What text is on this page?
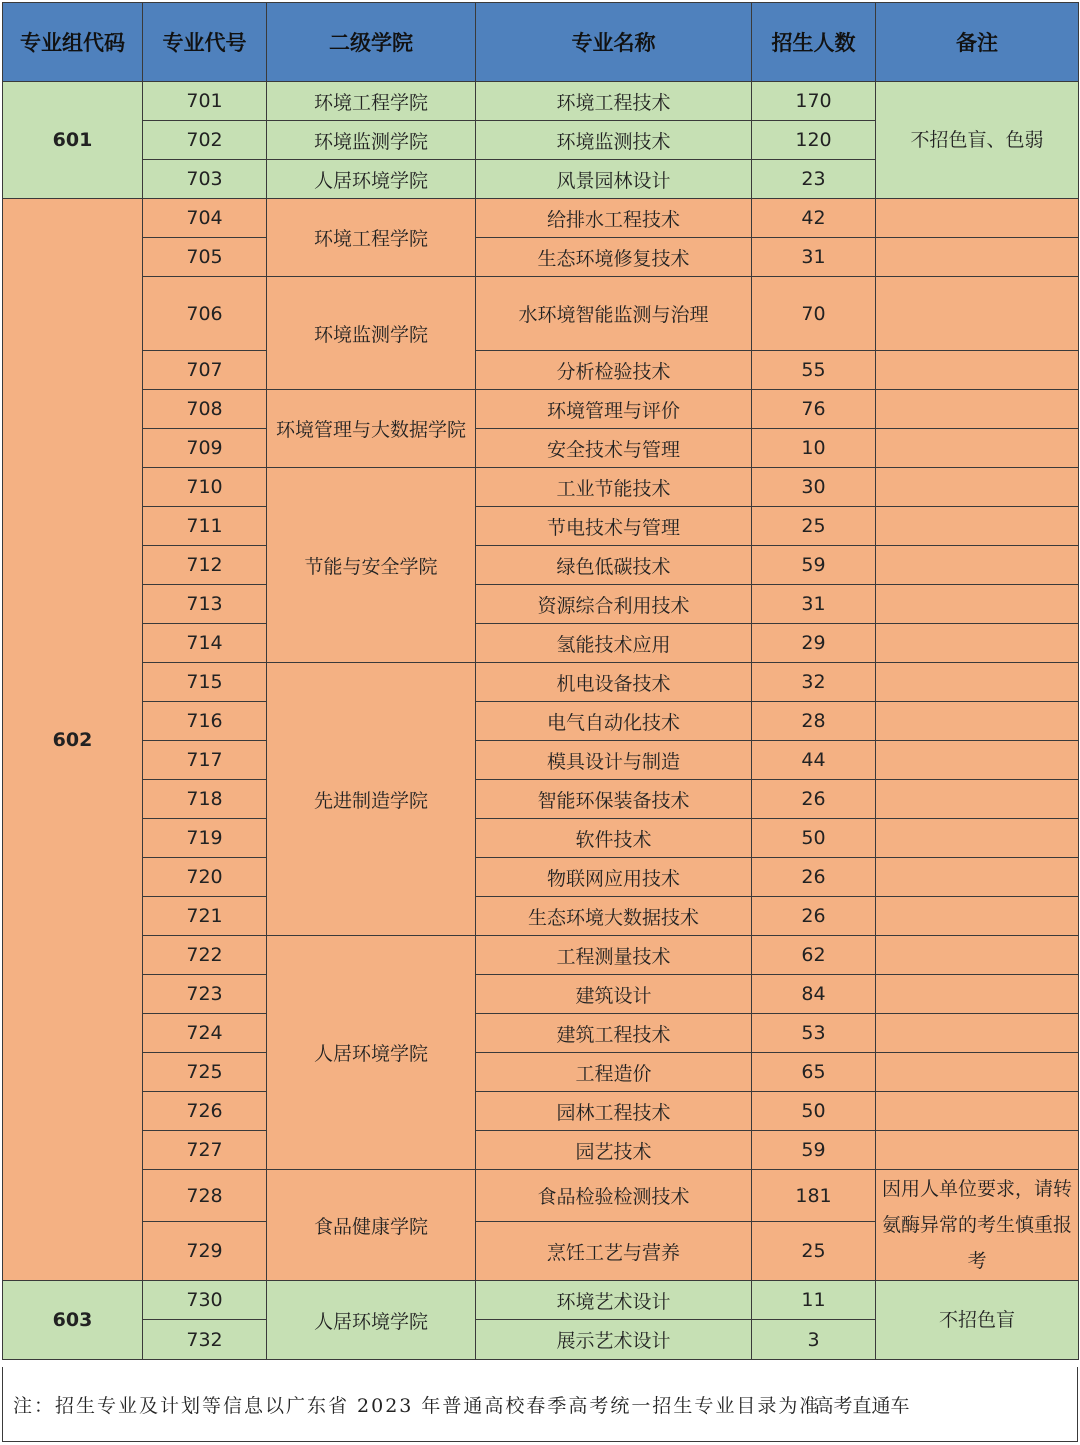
专业组代码	专业代号	二级学院	专业名称	招生人数	备注
601	701	环境工程学院	环境工程技术	170	不招色盲、色弱
	702	环境监测学院	环境监测技术	120	
	703	人居环境学院	风景园林设计	23	
602	704	环境工程学院	给排水工程技术	42	
	705		生态环境修复技术	31	
	706	环境监测学院	水环境智能监测与治理	70	
	707		分析检验技术	55	
	708	环境管理与大数据学院	环境管理与评价	76	
	709		安全技术与管理	10	
	710	节能与安全学院	工业节能技术	30	
	711		节电技术与管理	25	
	712		绿色低碳技术	59	
	713		资源综合利用技术	31	
	714		氢能技术应用	29	
	715	先进制造学院	机电设备技术	32	
	716		电气自动化技术	28	
	717		模具设计与制造	44	
	718		智能环保装备技术	26	
	719		软件技术	50	
	720		物联网应用技术	26	
	721		生态环境大数据技术	26	
	722	人居环境学院	工程测量技术	62	
	723		建筑设计	84	
	724		建筑工程技术	53	
	725		工程造价	65	
	726		园林工程技术	50	
	727		园艺技术	59	
	728	食品健康学院	食品检验检测技术	181	因用人单位要求，请转氨酶异常的考生慎重报考
	729		烹饪工艺与营养	25	
603	730	人居环境学院	环境艺术设计	11	不招色盲
	732		展示艺术设计	3	
注：招生专业及计划等信息以广东省 2023 年普通高校春季高考统一招生专业目录为准
高考直通车
